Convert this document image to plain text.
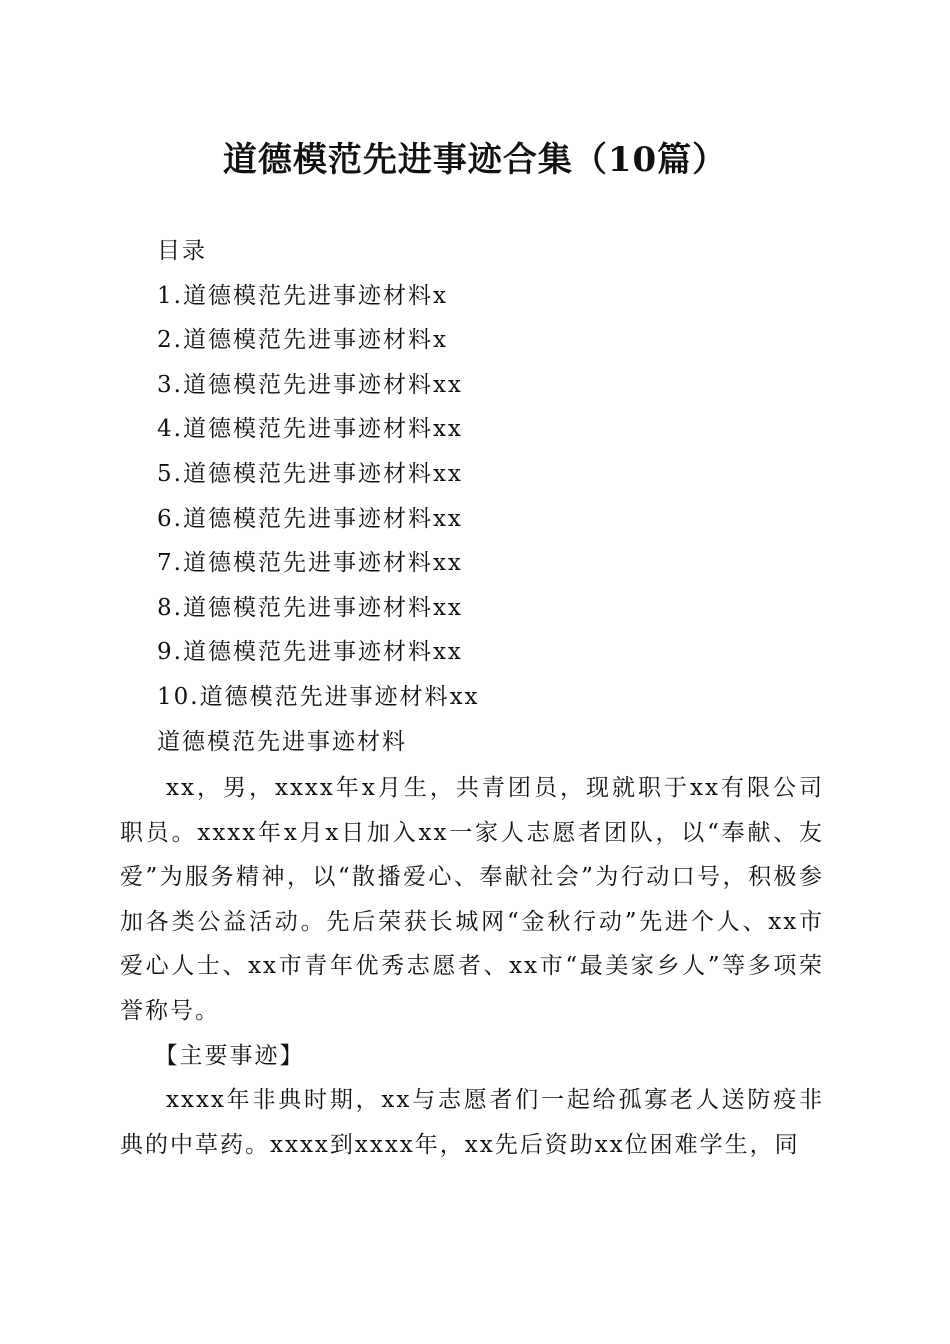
道德模范先进事迹合集（10篇）
目录
1.道德模范先进事迹材料x
2.道德模范先进事迹材料x
3.道德模范先进事迹材料xx
4.道德模范先进事迹材料xx
5.道德模范先进事迹材料xx
6.道德模范先进事迹材料xx
7.道德模范先进事迹材料xx
8.道德模范先进事迹材料xx
9.道德模范先进事迹材料xx
10.道德模范先进事迹材料xx
道德模范先进事迹材料

xx，男，xxxx年x月生，共青团员，现就职于xx有限公司职员。xxxx年x月x日加入xx一家人志愿者团队，以“奉献、友爱”为服务精神，以“散播爱心、奉献社会”为行动口号，积极参加各类公益活动。先后荣获长城网“金秋行动”先进个人、xx市爱心人士、xx市青年优秀志愿者、xx市“最美家乡人”等多项荣誉称号。

【主要事迹】

xxxx年非典时期，xx与志愿者们一起给孤寡老人送防疫非典的中草药。xxxx到xxxx年，xx先后资助xx位困难学生，同
